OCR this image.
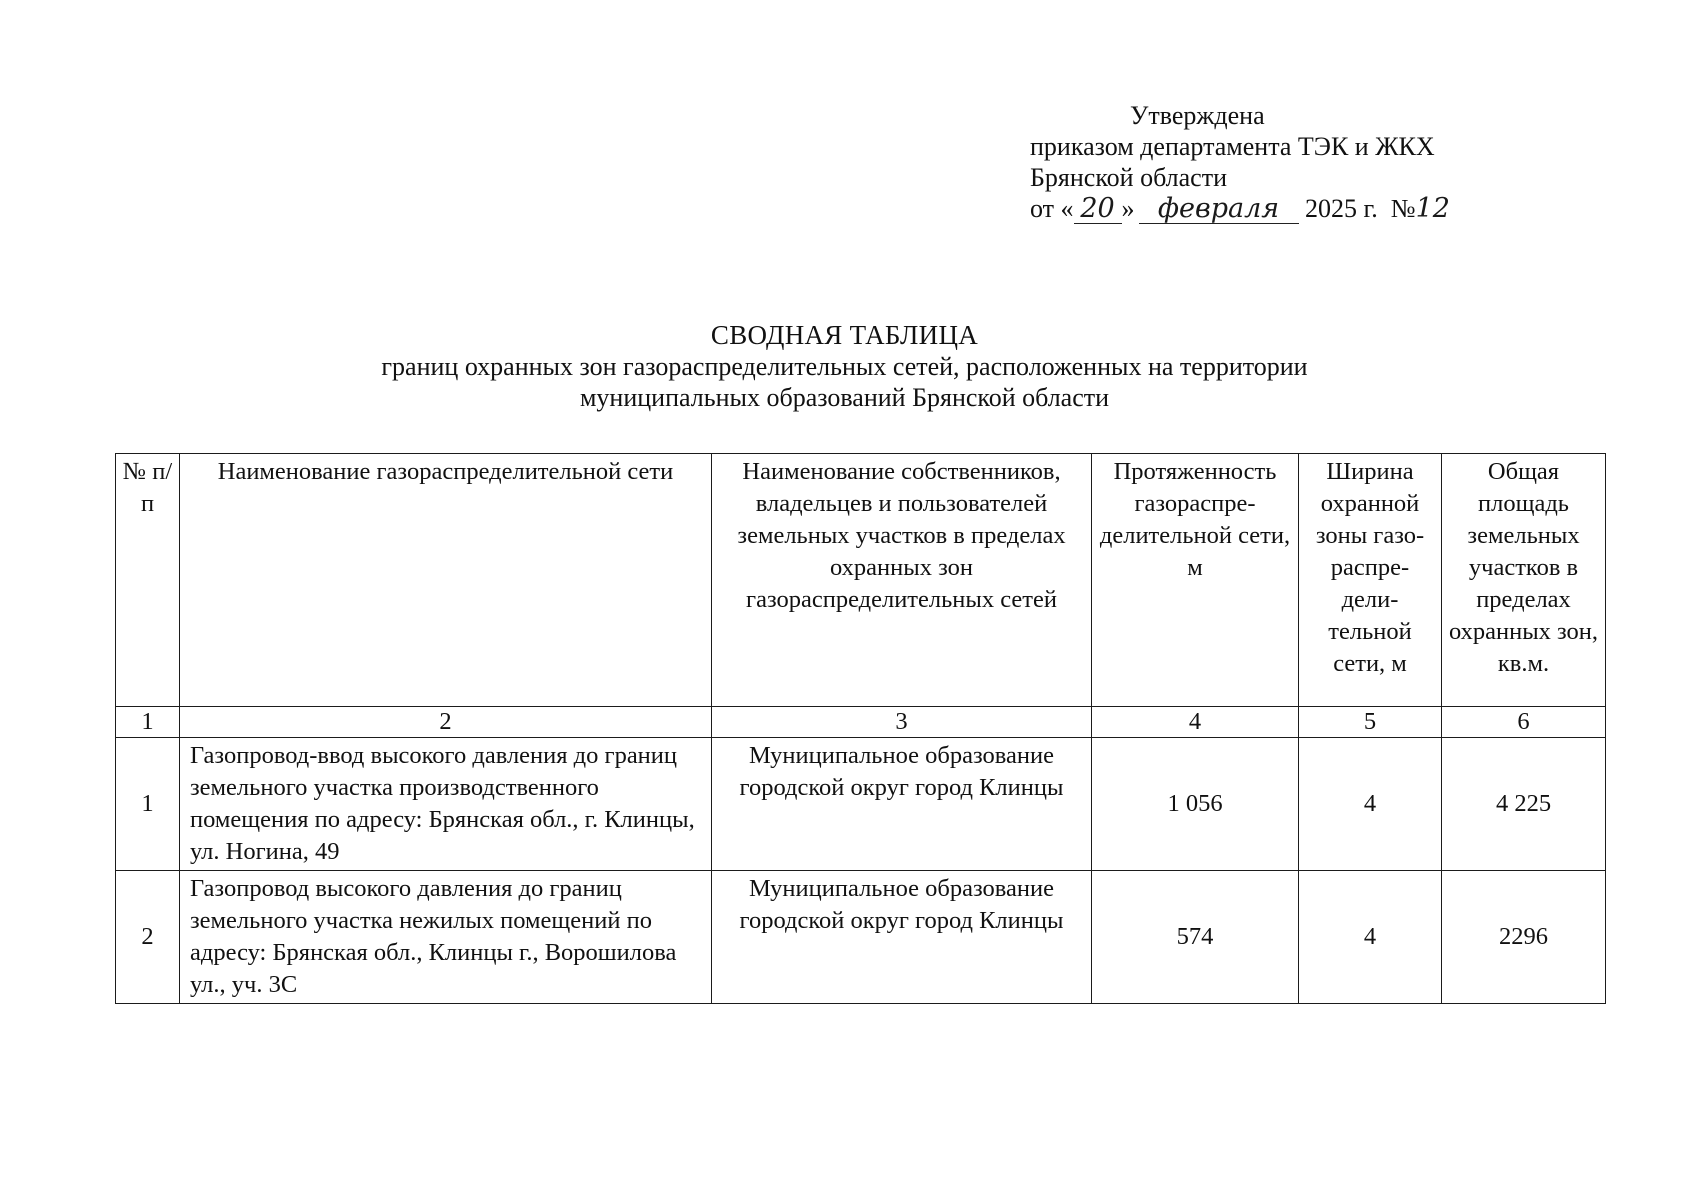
Утверждена
приказом департамента ТЭК и ЖКХ
Брянской области
от « 20 » февраля 2025 г. №12
СВОДНАЯ ТАБЛИЦА
границ охранных зон газораспределительных сетей, расположенных на территории
муниципальных образований Брянской области
№ п/п	Наименование газораспределительной сети	Наименование собственников, владельцев и пользователей земельных участков в пределах охранных зон газораспределительных сетей	Протяженность газораспре-делительной сети, м	Ширина охранной зоны газо-распре-дели-тельной сети, м	Общая площадь земельных участков в пределах охранных зон, кв.м.
1	2	3	4	5	6
1	Газопровод-ввод высокого давления до границ земельного участка производственного помещения по адресу: Брянская обл., г. Клинцы, ул. Ногина, 49	Муниципальное образование городской округ город Клинцы	1 056	4	4 225
2	Газопровод высокого давления до границ земельного участка нежилых помещений по адресу: Брянская обл., Клинцы г., Ворошилова ул., уч. 3С	Муниципальное образование городской округ город Клинцы	574	4	2296
